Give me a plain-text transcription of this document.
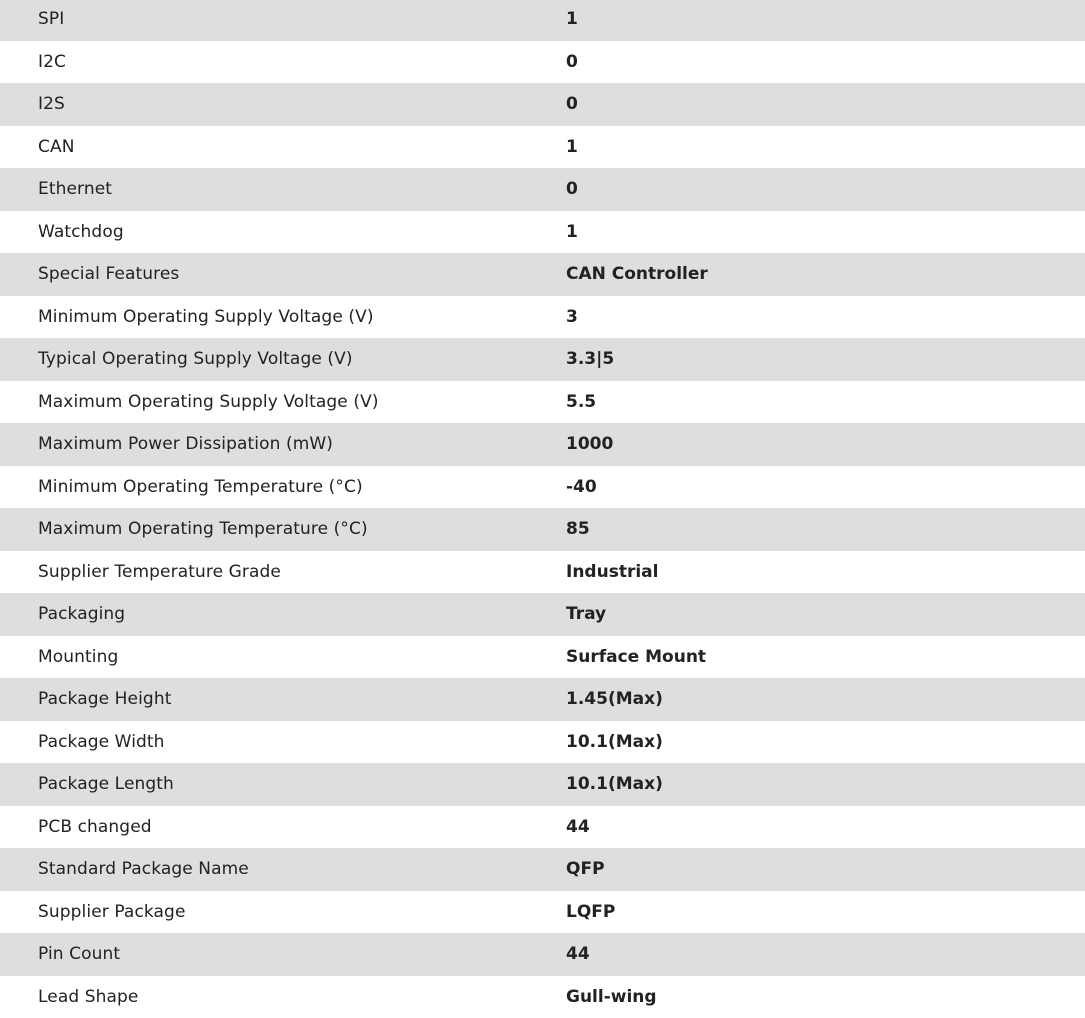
SPI	1
I2C	0
I2S	0
CAN	1
Ethernet	0
Watchdog	1
Special Features	CAN Controller
Minimum Operating Supply Voltage (V)	3
Typical Operating Supply Voltage (V)	3.3|5
Maximum Operating Supply Voltage (V)	5.5
Maximum Power Dissipation (mW)	1000
Minimum Operating Temperature (°C)	-40
Maximum Operating Temperature (°C)	85
Supplier Temperature Grade	Industrial
Packaging	Tray
Mounting	Surface Mount
Package Height	1.45(Max)
Package Width	10.1(Max)
Package Length	10.1(Max)
PCB changed	44
Standard Package Name	QFP
Supplier Package	LQFP
Pin Count	44
Lead Shape	Gull-wing
